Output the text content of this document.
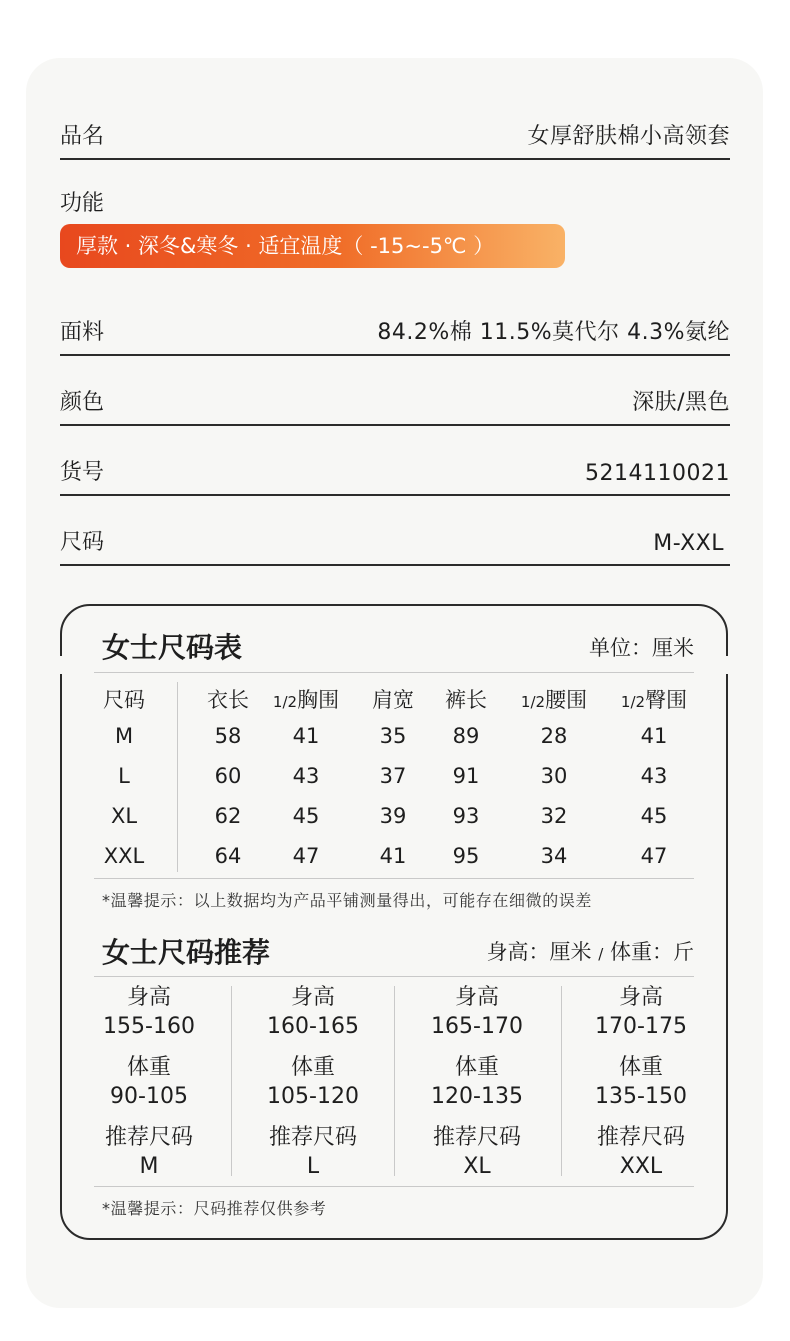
品名	女厚舒肤棉小高领套
功能
厚款 · 深冬&寒冬 · 适宜温度（ -15~-5℃ ）
面料	84.2%棉 11.5%莫代尔 4.3%氨纶
颜色	深肤/黑色
货号	5214110021
尺码	M-XXL
女士尺码表	单位：厘米
尺码	衣长 1/2胸围 肩宽 裤长 1/2腰围 1/2臀围
M	58 41	35 89	28	41
L	60 43	37 91	30	43
XL	62 45	39 93	32	45
XXL	64 47	41 95	34	47
*温馨提示：以上数据均为产品平铺测量得出，可能存在细微的误差
女士尺码推荐	身高：厘米 / 体重：斤
身高
155-160
体重
90-105
推荐尺码
M
身高
160-165
体重
105-120
推荐尺码
L
身高
165-170
体重
120-135
推荐尺码
XL
身高
170-175
体重
135-150
推荐尺码
XXL
*温馨提示：尺码推荐仅供参考
